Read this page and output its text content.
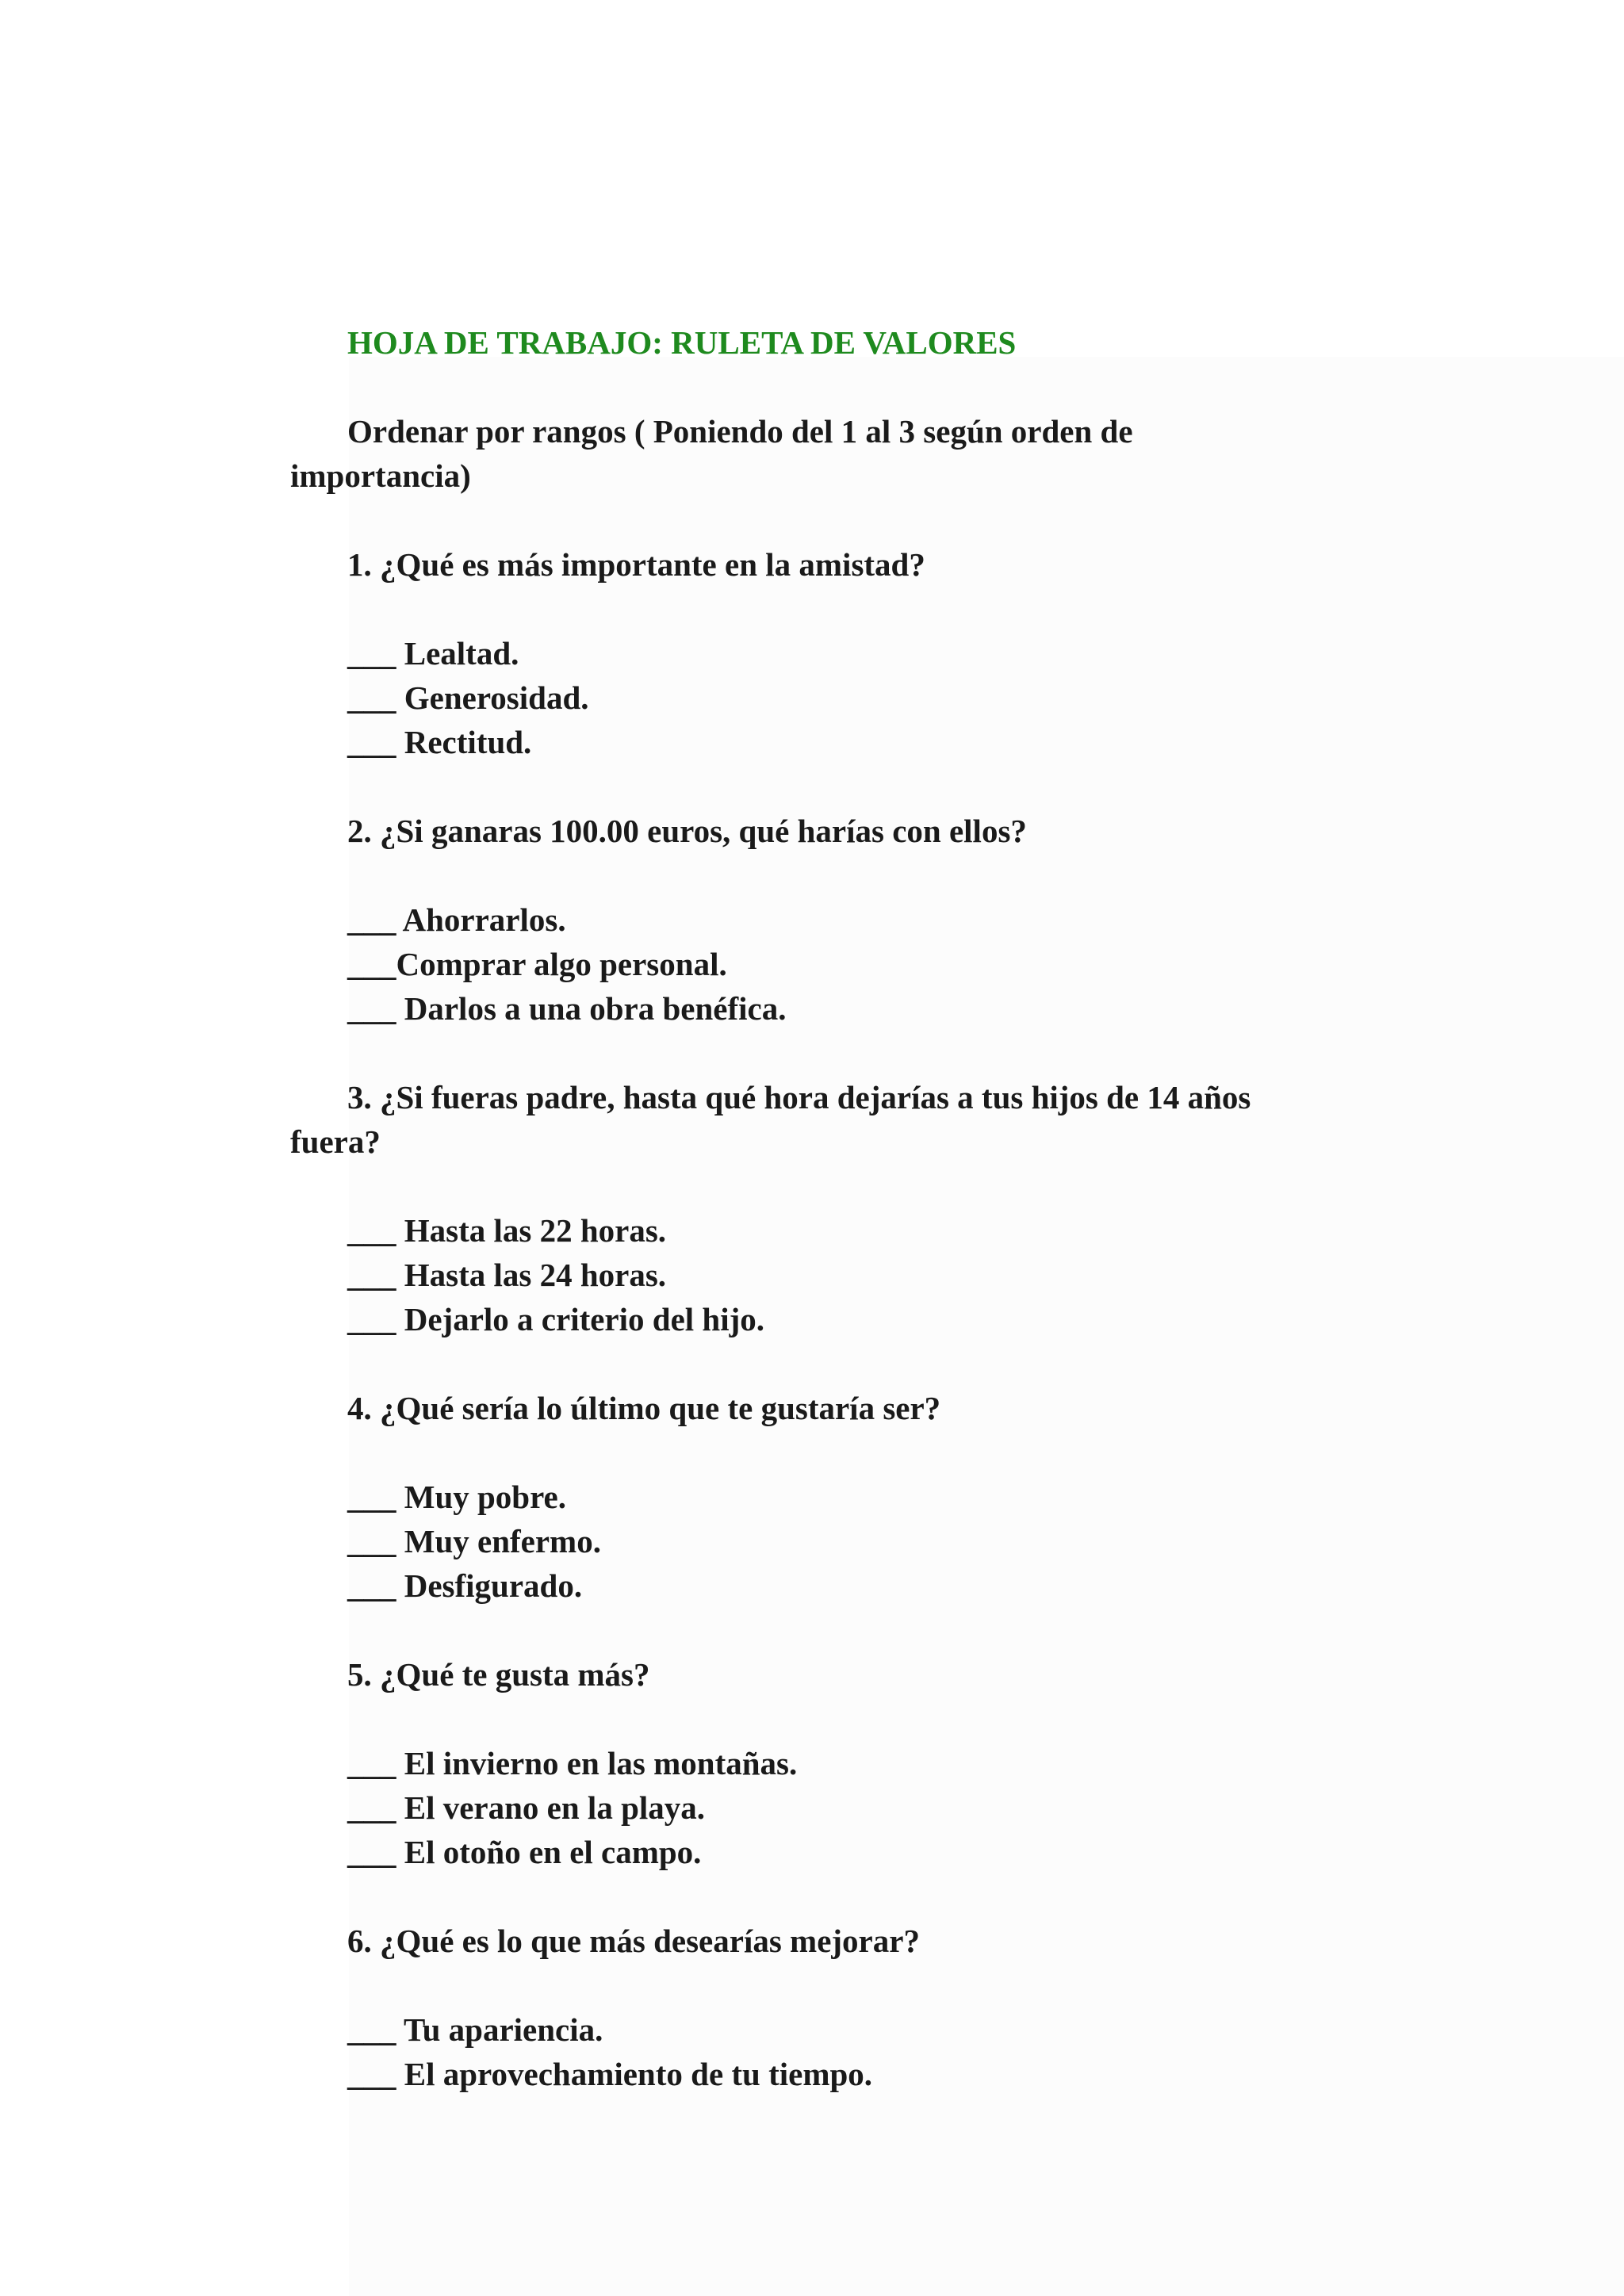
HOJA DE TRABAJO: RULETA DE VALORES

Ordenar por rangos ( Poniendo del 1 al 3 según orden de importancia)

1. ¿Qué es más importante en la amistad?

___ Lealtad.
___ Generosidad.
___ Rectitud.

2. ¿Si ganaras 100.00 euros, qué harías con ellos?

___ Ahorrarlos.
___Comprar algo personal.
___ Darlos a una obra benéfica.

3. ¿Si fueras padre, hasta qué hora dejarías a tus hijos de 14 años fuera?

___ Hasta las 22 horas.
___ Hasta las 24 horas.
___ Dejarlo a criterio del hijo.

4. ¿Qué sería lo último que te gustaría ser?

___ Muy pobre.
___ Muy enfermo.
___ Desfigurado.

5. ¿Qué te gusta más?

___ El invierno en las montañas.
___ El verano en la playa.
___ El otoño en el campo.

6. ¿Qué es lo que más desearías mejorar?

___ Tu apariencia.
___ El aprovechamiento de tu tiempo.
